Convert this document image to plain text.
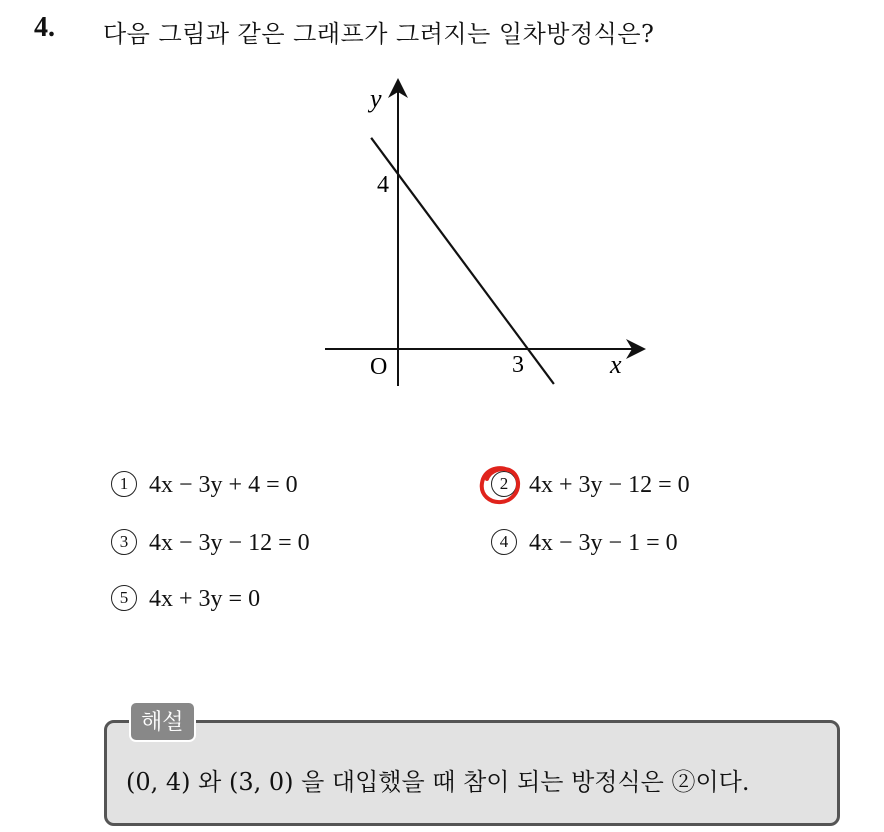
4. 다음 그림과 같은 그래프가 그려지는 일차방정식은?
y
x
O
4
3
1 4x − 3y + 4 = 0	2 4x + 3y − 12 = 0
3 4x − 3y − 12 = 0	4 4x − 3y − 1 = 0
5 4x + 3y = 0
해설
(0, 4) 와 (3, 0) 을 대입했을 때 참이 되는 방정식은 ②이다.
